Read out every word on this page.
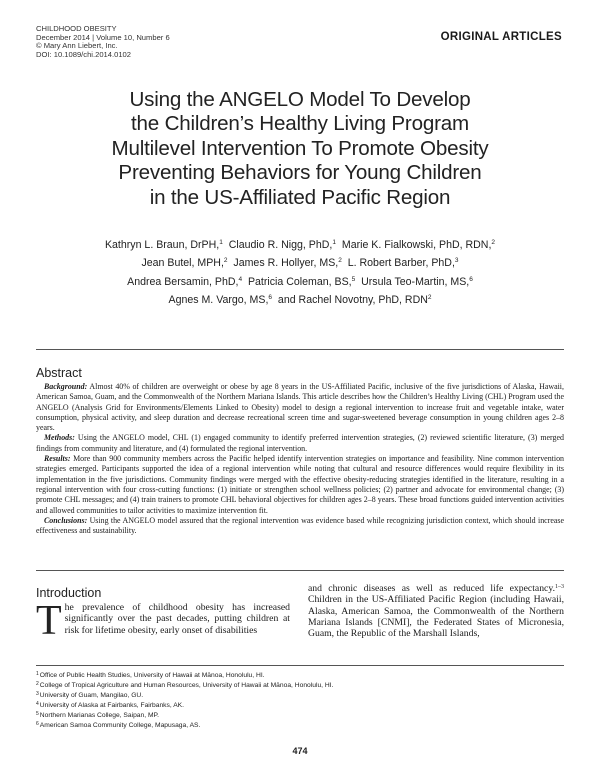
CHILDHOOD OBESITY
December 2014 | Volume 10, Number 6
© Mary Ann Liebert, Inc.
DOI: 10.1089/chi.2014.0102
ORIGINAL ARTICLES
Using the ANGELO Model To Develop
the Children’s Healthy Living Program
Multilevel Intervention To Promote Obesity
Preventing Behaviors for Young Children
in the US-Affiliated Pacific Region
Kathryn L. Braun, DrPH,$^1$ Claudio R. Nigg, PhD,$^1$ Marie K. Fialkowski, PhD, RDN,$^2$
Jean Butel, MPH,$^2$ James R. Hollyer, MS,$^2$ L. Robert Barber, PhD,$^3$
Andrea Bersamin, PhD,$^4$ Patricia Coleman, BS,$^5$ Ursula Teo-Martin, MS,$^6$
Agnes M. Vargo, MS,$^6$ and Rachel Novotny, PhD, RDN$^2$
Abstract

Background: Almost 40% of children are overweight or obese by age 8 years in the US-Affiliated Pacific, inclusive of the five jurisdictions of Alaska, Hawaii, American Samoa, Guam, and the Commonwealth of the Northern Mariana Islands. This article describes how the Children’s Healthy Living (CHL) Program used the ANGELO (Analysis Grid for Environments/Elements Linked to Obesity) model to design a regional intervention to increase fruit and vegetable intake, water consumption, physical activity, and sleep duration and decrease recreational screen time and sugar-sweetened beverage consumption in young children ages 2–8 years.

Methods: Using the ANGELO model, CHL (1) engaged community to identify preferred intervention strategies, (2) reviewed scientific literature, (3) merged findings from community and literature, and (4) formulated the regional intervention.

Results: More than 900 community members across the Pacific helped identify intervention strategies on importance and feasibility. Nine common intervention strategies emerged. Participants supported the idea of a regional intervention while noting that cultural and resource differences would require flexibility in its implementation in the five jurisdictions. Community findings were merged with the effective obesity-reducing strategies identified in the literature, resulting in a regional intervention with four cross-cutting functions: (1) initiate or strengthen school wellness policies; (2) partner and advocate for environmental change; (3) promote CHL messages; and (4) train trainers to promote CHL behavioral objectives for children ages 2–8 years. These broad functions guided intervention activities and allowed communities to tailor activities to maximize intervention fit.

Conclusions: Using the ANGELO model assured that the regional intervention was evidence based while recognizing jurisdiction context, which should increase effectiveness and sustainability.

Introduction
The prevalence of childhood obesity has increased significantly over the past decades, putting children at risk for lifetime obesity, early onset of disabilities
and chronic diseases as well as reduced life expectancy.$^{1-3}$ Children in the US-Affiliated Pacific Region (including Hawaii, Alaska, American Samoa, the Commonwealth of the Northern Mariana Islands [CNMI], the Federated States of Micronesia, Guam, the Republic of the Marshall Islands,
$^1$Office of Public Health Studies, University of Hawaii at Mānoa, Honolulu, HI.
$^2$College of Tropical Agriculture and Human Resources, University of Hawaii at Mānoa, Honolulu, HI.
$^3$University of Guam, Mangilao, GU.
$^4$University of Alaska at Fairbanks, Fairbanks, AK.
$^5$Northern Marianas College, Saipan, MP.
$^6$American Samoa Community College, Mapusaga, AS.
474
